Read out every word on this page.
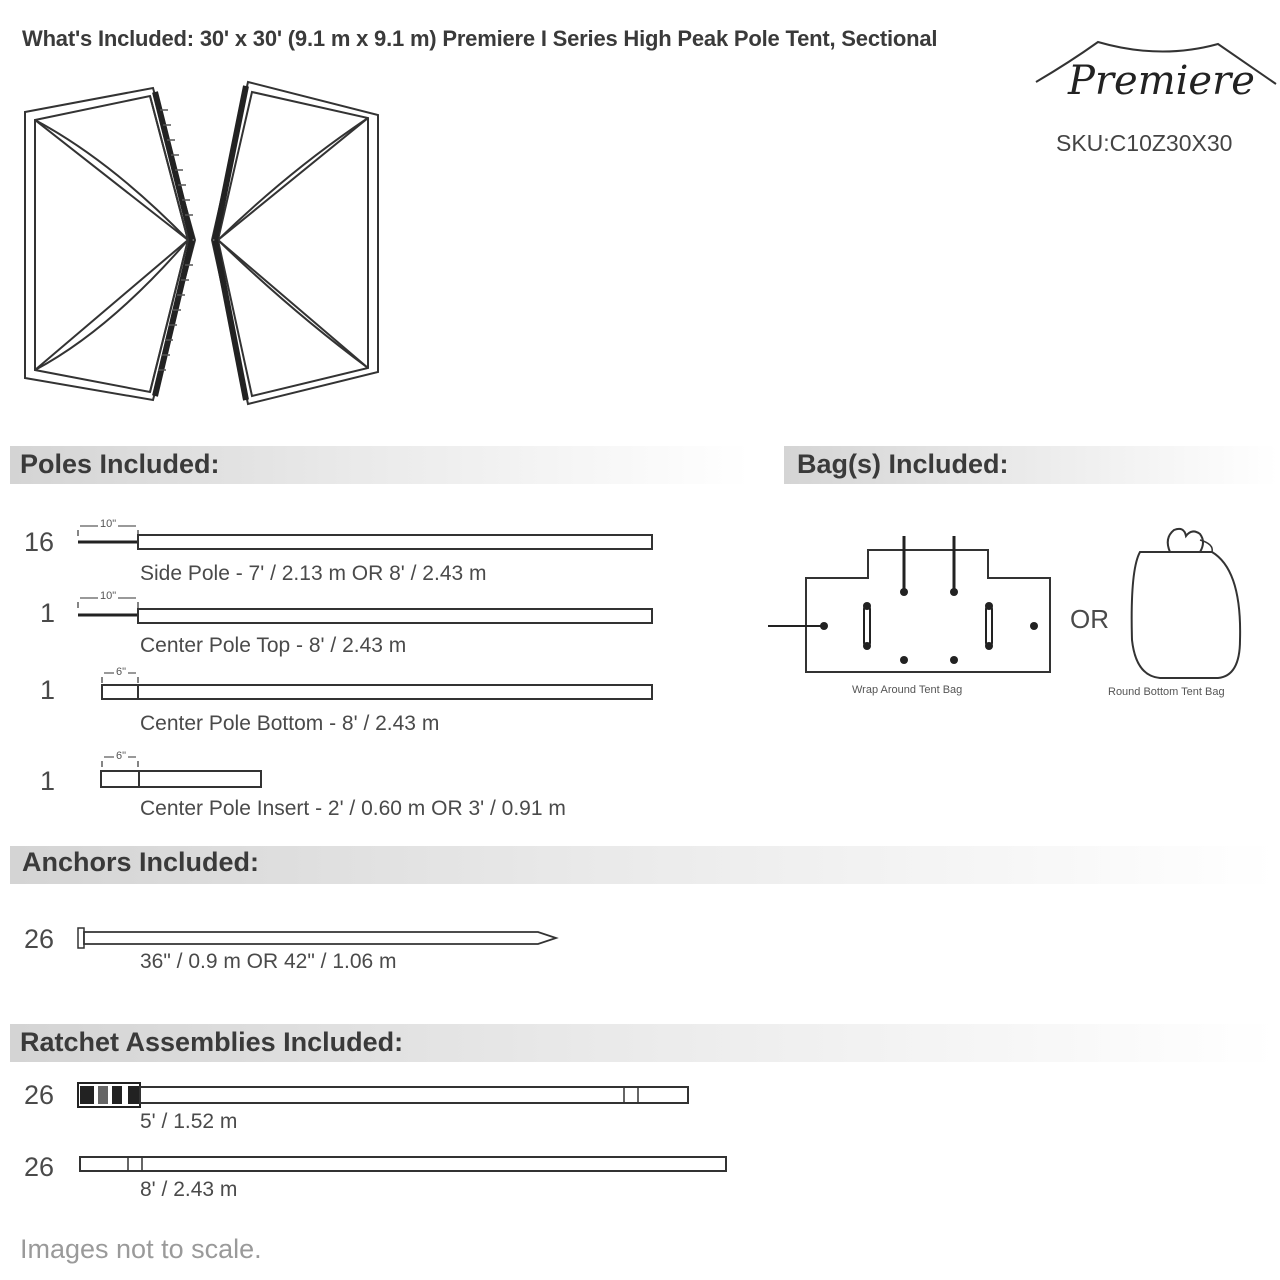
What's Included: 30' x 30' (9.1 m x 9.1 m) Premiere I Series High Peak Pole Tent, Sectional
Premiere
SKU:C10Z30X30
Poles Included:	Bag(s) Included:
Anchors Included:
Ratchet Assemblies Included:
16
10"
Side Pole - 7' / 2.13 m OR 8' / 2.43 m
1
10"
Center Pole Top - 8' / 2.43 m
1
6"
Center Pole Bottom - 8' / 2.43 m
1
6"
Center Pole Insert - 2' / 0.60 m OR 3' / 0.91 m
Wrap Around Tent Bag
OR
Round Bottom Tent Bag
26
36" / 0.9 m OR 42" / 1.06 m
26
5' / 1.52 m
26
8' / 2.43 m
Images not to scale.
